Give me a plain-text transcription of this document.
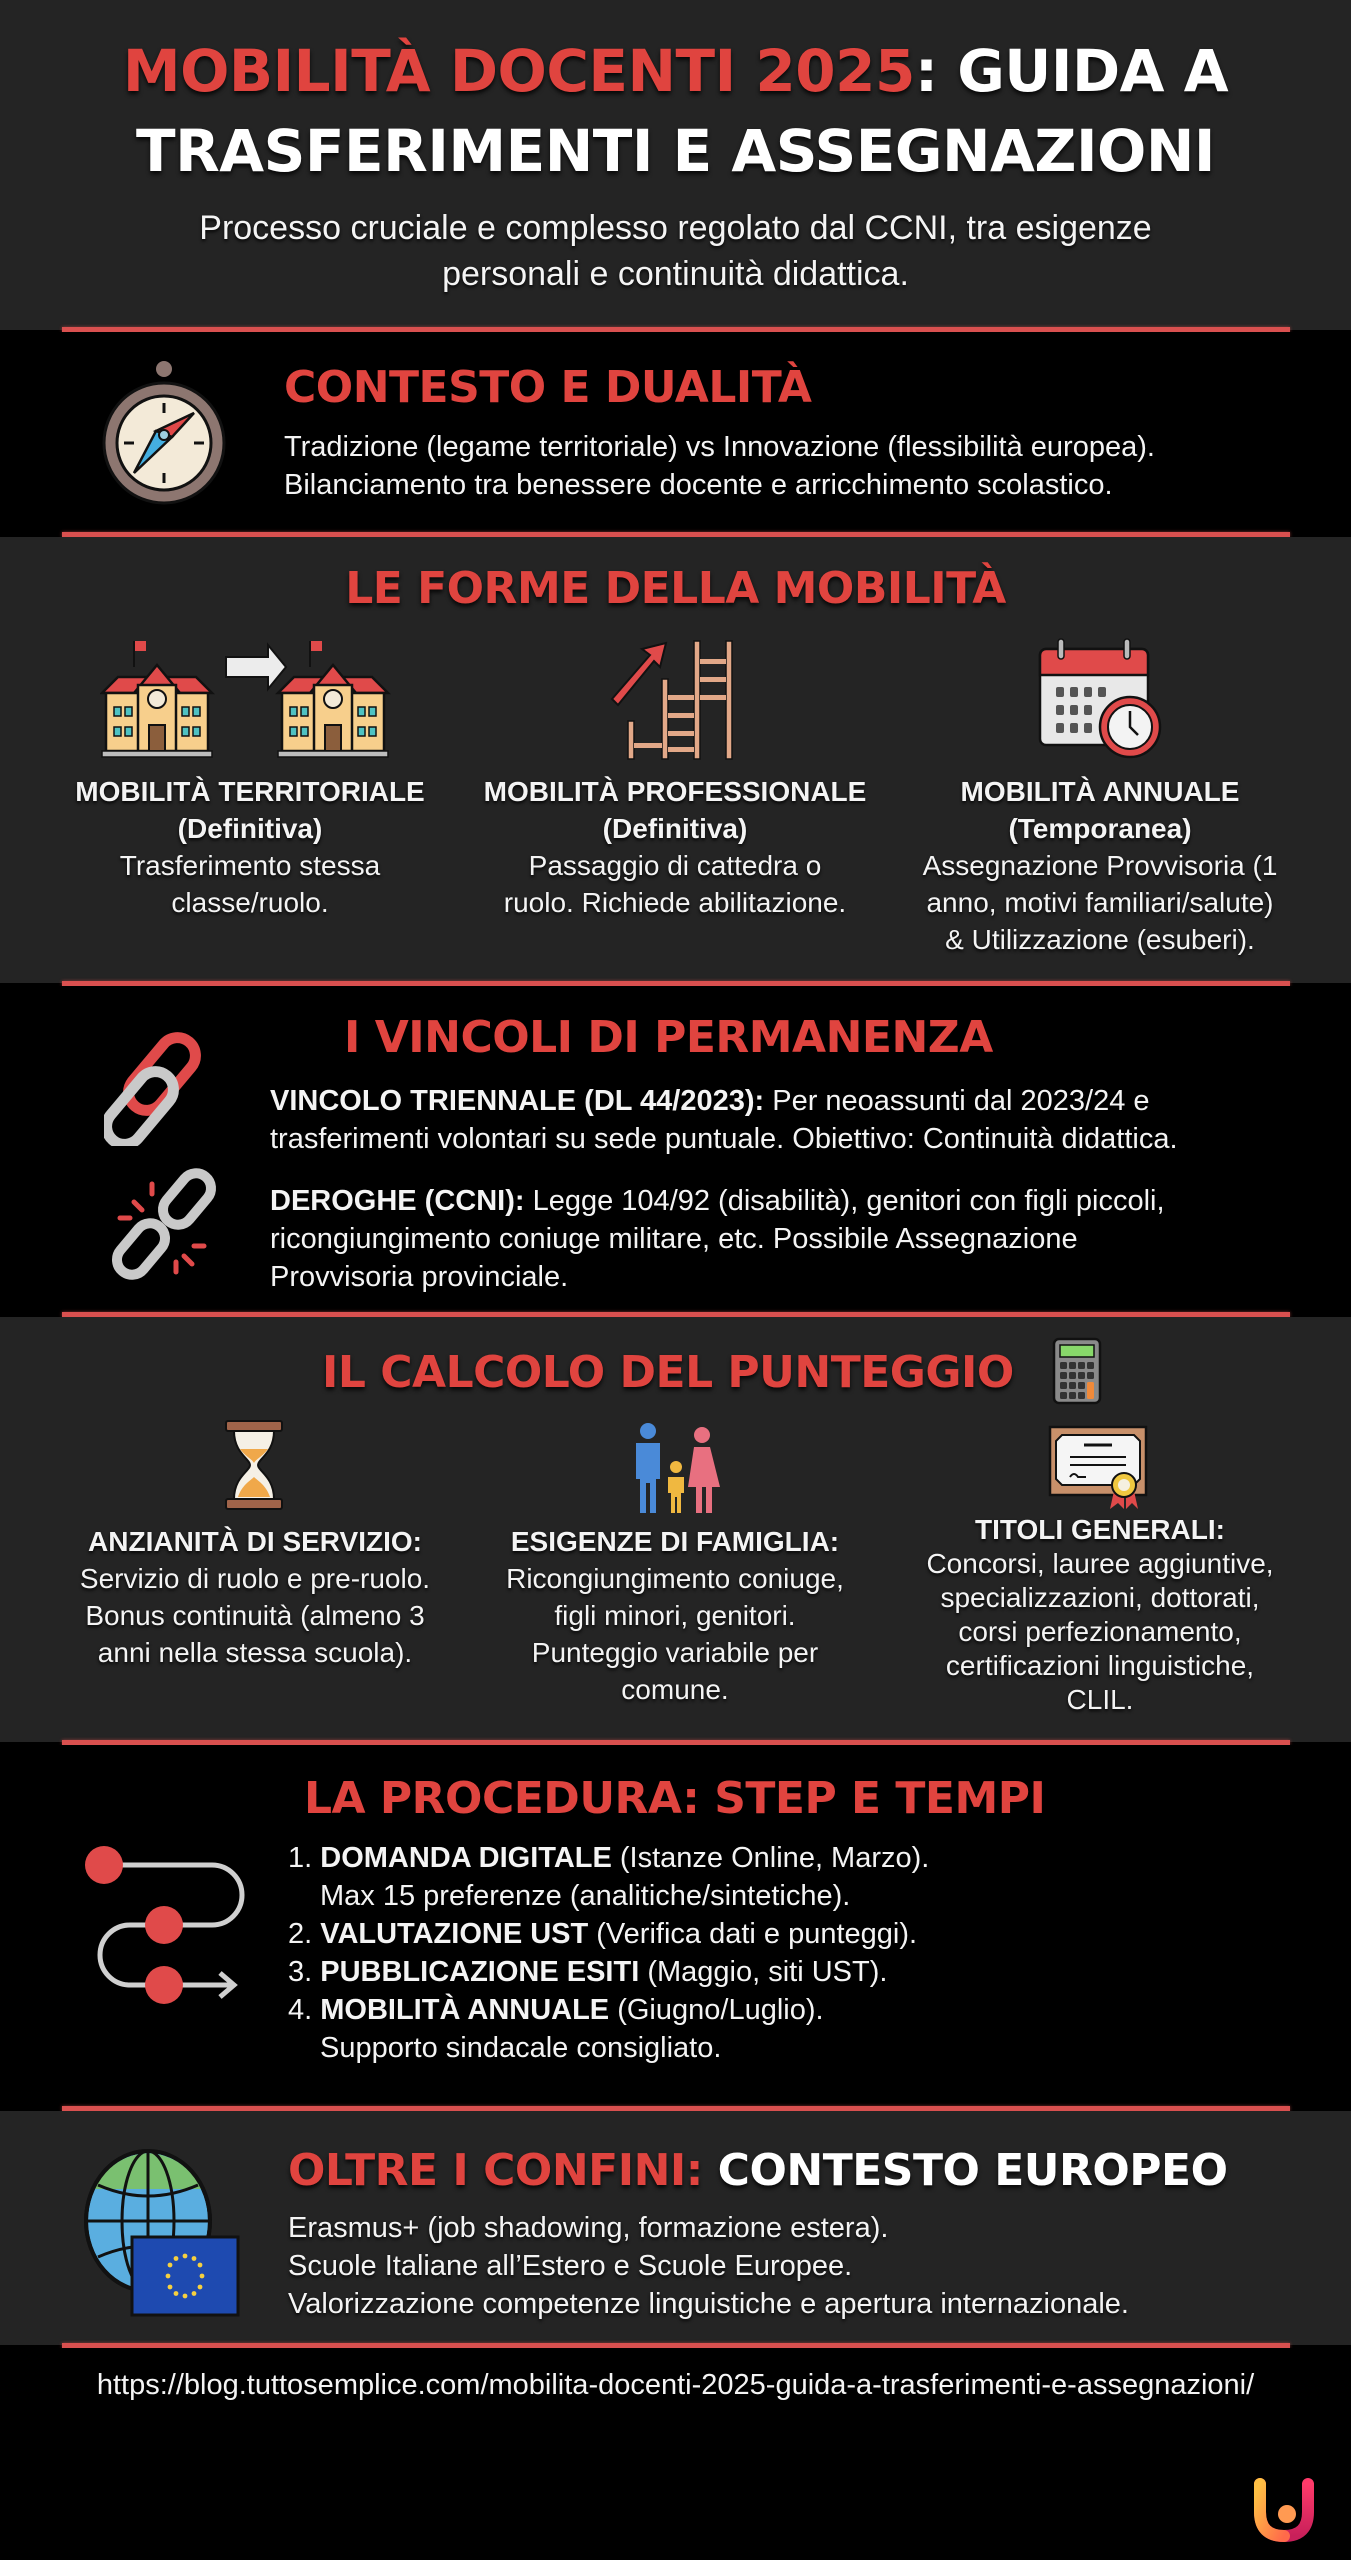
MOBILITÀ DOCENTI 2025: GUIDA A
TRASFERIMENTI E ASSEGNAZIONI
Processo cruciale e complesso regolato dal CCNI, tra esigenze
personali e continuità didattica.
CONTESTO E DUALITÀ
Tradizione (legame territoriale) vs Innovazione (flessibilità europea).
Bilanciamento tra benessere docente e arricchimento scolastico.
LE FORME DELLA MOBILITÀ
MOBILITÀ TERRITORIALE
(Definitiva)
Trasferimento stessa
classe/ruolo.
MOBILITÀ PROFESSIONALE
(Definitiva)
Passaggio di cattedra o
ruolo. Richiede abilitazione.
MOBILITÀ ANNUALE
(Temporanea)
Assegnazione Provvisoria (1
anno, motivi familiari/salute)
& Utilizzazione (esuberi).
I VINCOLI DI PERMANENZA
VINCOLO TRIENNALE (DL 44/2023): Per neoassunti dal 2023/24 e
trasferimenti volontari su sede puntuale. Obiettivo: Continuità didattica.
DEROGHE (CCNI): Legge 104/92 (disabilità), genitori con figli piccoli,
ricongiungimento coniuge militare, etc. Possibile Assegnazione
Provvisoria provinciale.
IL CALCOLO DEL PUNTEGGIO
ANZIANITÀ DI SERVIZIO:
Servizio di ruolo e pre-ruolo.
Bonus continuità (almeno 3
anni nella stessa scuola).
ESIGENZE DI FAMIGLIA:
Ricongiungimento coniuge,
figli minori, genitori.
Punteggio variabile per
comune.
TITOLI GENERALI:
Concorsi, lauree aggiuntive,
specializzazioni, dottorati,
corsi perfezionamento,
certificazioni linguistiche,
CLIL.
LA PROCEDURA: STEP E TEMPI
1. DOMANDA DIGITALE (Istanze Online, Marzo).
Max 15 preferenze (analitiche/sintetiche).
2. VALUTAZIONE UST (Verifica dati e punteggi).
3. PUBBLICAZIONE ESITI (Maggio, siti UST).
4. MOBILITÀ ANNUALE (Giugno/Luglio).
Supporto sindacale consigliato.
OLTRE I CONFINI: CONTESTO EUROPEO
Erasmus+ (job shadowing, formazione estera).
Scuole Italiane all’Estero e Scuole Europee.
Valorizzazione competenze linguistiche e apertura internazionale.
https://blog.tuttosemplice.com/mobilita-docenti-2025-guida-a-trasferimenti-e-assegnazioni/
